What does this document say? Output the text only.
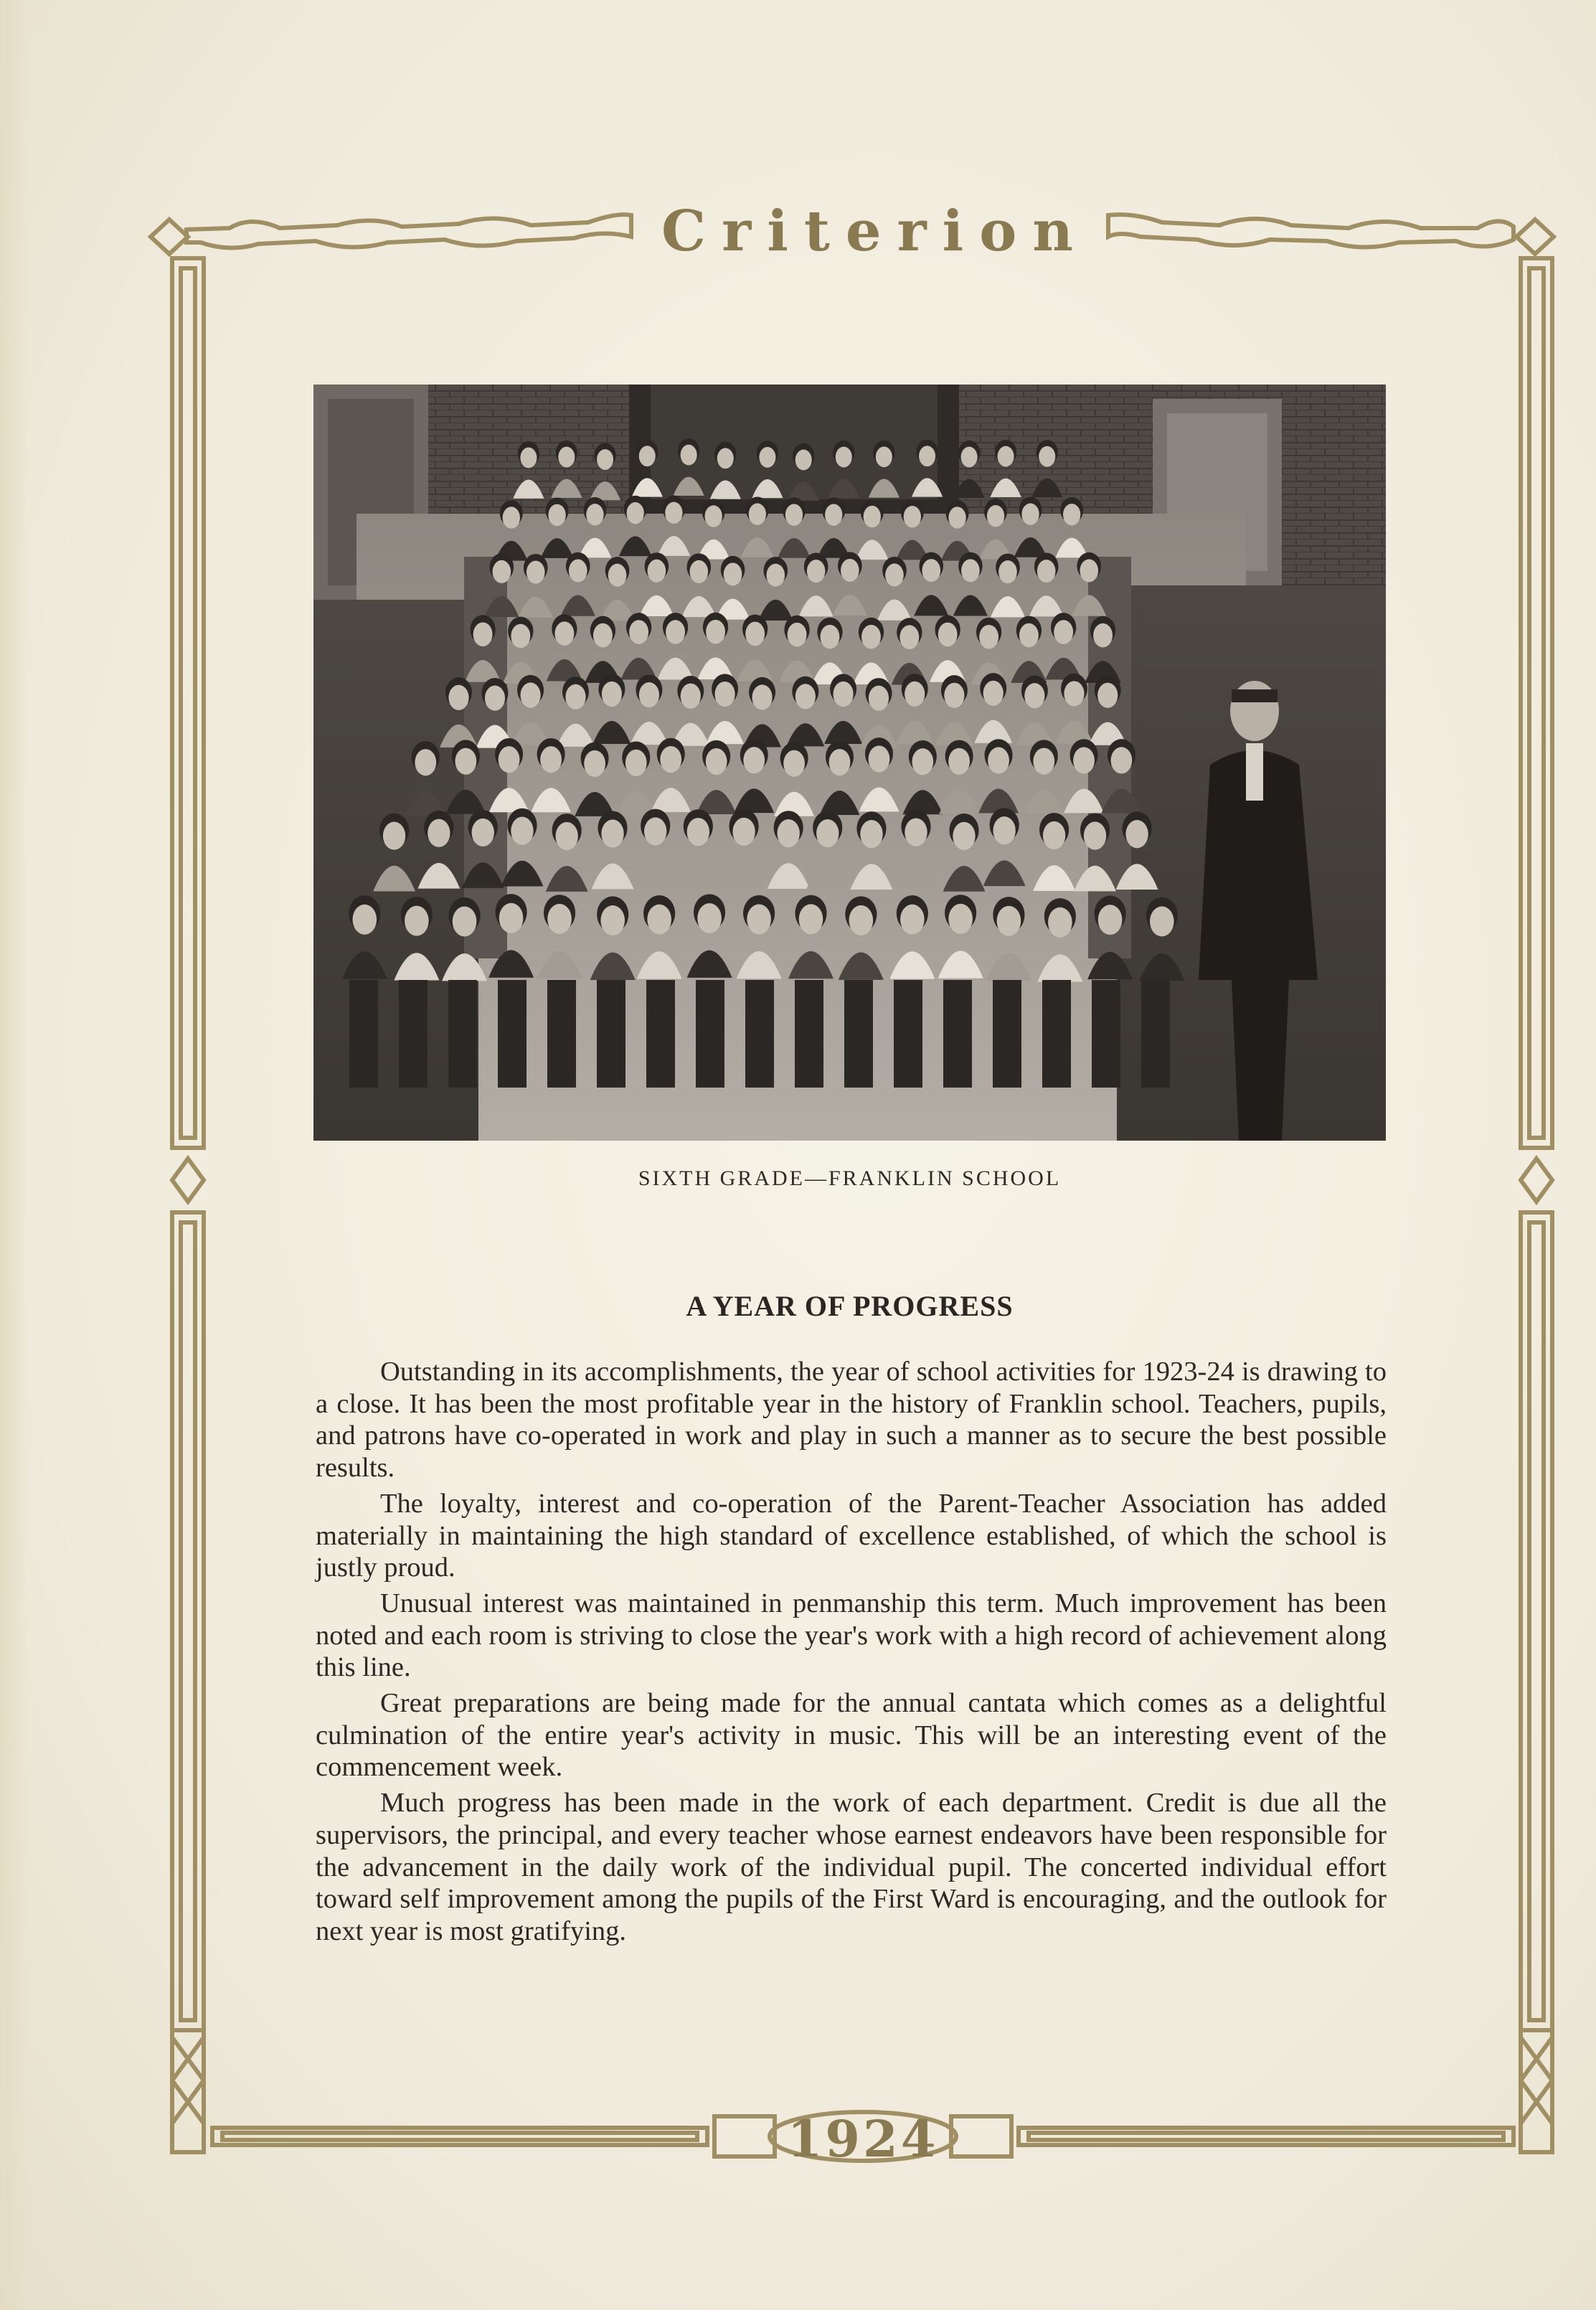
Criterion
1924
SIXTH GRADE—FRANKLIN SCHOOL
A YEAR OF PROGRESS

Outstanding in its accomplishments, the year of school activities for 1923-24 is drawing to a close. It has been the most profitable year in the history of Franklin school. Teachers, pupils, and patrons have co-operated in work and play in such a manner as to secure the best possible results.

The loyalty, interest and co-operation of the Parent-Teacher Association has added materially in maintaining the high standard of excellence established, of which the school is justly proud.

Unusual interest was maintained in penmanship this term. Much improvement has been noted and each room is striving to close the year's work with a high record of achievement along this line.

Great preparations are being made for the annual cantata which comes as a delightful culmination of the entire year's activity in music. This will be an interesting event of the commencement week.

Much progress has been made in the work of each department. Credit is due all the supervisors, the principal, and every teacher whose earnest endeavors have been responsible for the advancement in the daily work of the individual pupil. The concerted individual effort toward self improvement among the pupils of the First Ward is encouraging, and the outlook for next year is most gratifying.
